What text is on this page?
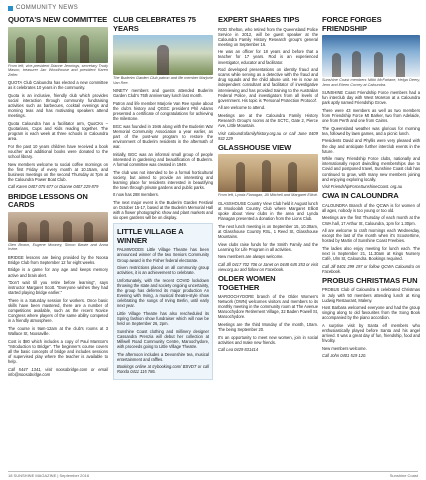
COMMUNITY NEWS
QUOTA'S NEW COMMITTEE

From left, vice-president Dianne Jennings, secretary Trudy Mason, treasurer Jan Woodhouse and president Karen Zeller.

QUOTA Club Caloundra has elected a new committee as it celebrates 10 years in the community.

Quota is an inclusive, friendly club which provides social interaction through community fundraising activities such as barbecues, cocktail evenings and morning teas and has motivating speakers attend meetings.

Quota Caloundra has a facilitator arm, QuoCKs – Quotarians, Cups and Kids reading together. The program is each week at three schools in Caloundra area.

For the past 10 years children have received a book voucher and additional books were donated to the school library.

New members welcome to social coffee mornings on the first Friday of every month at 10.15am, and business meetings on the second Thursday at 7pm at the Caloundra Power Boat Club.

Call Karen 0407 075 677 or Dianne 0407 229 879

BRIDGE LESSONS ON CARDS

Glen Brown, Eugene Mooney, Simon Bawie and Anna Irvine.

BRIDGE lessons are being provided by the Noosa Bridge Club from September 12 for eight weeks.

Bridge is a game for any age and keeps memory active and brain alert.

"Don't wait till you retire before learning", says instructor Margaret Scott. "Everyone wishes they had started playing bridge earlier."

There is a Saturday session for workers. Once basic skills have been mastered, there are a number of competitions available, such as the recent Novice Congress where players of the same ability competed in a friendly atmosphere.

The course is 9am-12am at the club's rooms at 3 Wallace St, Noosaville.

Cost is $80 which includes a copy of Paul Marston's "Introduction to Bridge". The beginner's course covers all the basic concepts of bridge and includes sessions of supervised play where the teacher is available to help.

Call 5447 1341, visit noosabridge.com or email info@noosabridge.com

CLUB CELEBRATES 75 YEARS

The Buderim Garden Club patron and life member Marjorie Van Ree.

NINETY members and guests attended Buderim Garden Club's 75th anniversary lunch last month.

Patron and life member Marjorie Van Ree spoke about the club's history and QGSC president Phil Adams presented a certificate of congratulations for achieving the milestone.

BGC was founded in 1946 along with the Buderim War Memorial Community Association a year earlier, as part of the post-war program to restore the environment of Buderim residents in the aftermath of war.

Initially, BGC was an informal small group of people interested in gardening and beautification of Buderim. A formal committee was created in 1949.

The club was not intended to be a formal horticultural society, but aimed to provide an interesting and learning place for residents interested in beautifying the town through private gardens and public parks.

It now has 288 members.

The next major event is the Buderim Garden Festival on October 15-17, based at the Buderim Memorial Hall with a flower photographic show and plant markets and six open gardens will be on display.

LITTLE VILLAGE A WINNER

PALMWOODS Little Village Theatre has been announced winner of the two Seniors Community Group award in the Fisher federal electorate.

Given restrictions placed on all community group activities, it is an achievement to celebrate.

Unfortunately, with the recent COVID lockdown throwing the state and society ongoing uncertainty, the group has deferred its major production An Evening with Irving, a musical theatre-style show celebrating the songs of Irving Berlin, until early next year.

Little Village Theatre has also rescheduled its Spring fashion show fundraiser which will now be held on September 26, 2pm.

Sunshine Coast clothing and millinery designer Cassandra Prenzia will debut her collection at Millwell Road Community Centre, Maroochydore, with proceeds going to Little Village Theatre.

The afternoon includes a Devonshire tea, musical entertainment and raffles.

Bookings online at trybooking.com/ BSVDT or call Ronda 0411 115 786.

EXPERT SHARES TIPS

ROD Shelton, who retired from the Queensland Police Service in 2012, will be guest speaker at the Caloundra Family History Research group's general meeting on September 16.

He was an officer for 18 years and before that a teacher for 17 years. Rod is an experienced investigator, educator and facilitator.

Rod developed presentations on identity fraud and scams while serving as a detective with the fraud and drug squads and the child abuse unit. He is now an independent consultant and facilitator of investigative interviewing and has provided training to the Australian Federal Police, and investigators from all levels of government. His topic is 'Personal Protection Protocol'.

All are welcome to attend.

Meetings are at the Caloundra Family History Research Group's rooms at the SCTC, Gate 2, Pierce Ave, Little Mountain.

Visit caloundrafamilyhistory.org.au or call June 0409 932 229

GLASSHOUSE VIEW

From left, Lynda Flanagan, Jill Mitchell and Margaret Elliott.

GLASSHOUSE Country View Club held it August lunch at Mooloolah Country Club where Margaret Elliott spoke about View clubs in the area and Lynda Flanagan presented a donation from the Lions Club.

The next lunch meeting is on September 15, 10.30am, at Glasshouse Country RSL, 1 Reed St, Glasshouse Mountains.

View clubs raise funds for the Smith Family and the Learning for Life Program in all activities.

New members are always welcome.

Call Jill 0417 702 706 or Janet on 0448 645 353 or visit view.org.au and follow on Facebook.

OLDER WOMEN TOGETHER

MAROOCHYDORE branch of the Older Women's Network (OWN) welcomes visitors and members to its monthly meeting in the community room at The Avenue Maroochydore Retirement Village, 32 Baden Powell St, Maroochydore.

Meetings are the third Monday of the month, 10am. The being September 20.

It's an opportunity to meet new women, join in social activities and make new friends.

Call Lea 0429 831414

FORCE FORGES FRIENDSHIP

Sunshine Coast members Nikki McFarlane, Helga Deery, Jenn and Eileen Cocrey at Caloundra.

SUNSHINE Coast Friendship Force members had a fun interclub day with West Moreton at a Caloundra park aptly named Friendship Grove.

There were 43 members as well as two members from Friendship Force Mt Barker, two from Adelaide, one from Perth and one from Cairns.

The Queensland weather was glorious for morning tea, followed by lawn games, and a picnic lunch.

Presidents David and Phyllis were very pleased with the day and anticipate further interclub events in the future.

While many Friendship Force clubs, nationally and internationally report dwindling memberships due to Covid and postponed travel, Sunshine Coast club has continued to grow, with many new members joining and enjoying exploring locally.

Visit FriendshipForceSunshineCoast. org.au

CWA IN CALOUNDRA

CALOUNDRA Branch of the QCWA is for women of all ages, nobody is too young or too old.

Meetings are the first Thursday of each month at the CWA hall, 17 Arthur St, Caloundra, 1pm for 1.30pm.

All are welcome to craft mornings each Wednesday, except the last of the month when it's Scootertime, hosted by Martin of Sunshine Coast Freebies.

The ladies also enjoy meeting for lunch each. The next is September 21, 11.30am at Kings Nursery Café, Ulm St, Caloundra. Bookings required.

Call Jill 0401 299 197 or follow QCWA Caloundra on Facebook.

PROBUS CHRISTMAS FUN

PROBUS Club of Caloundra 6 celebrated Christmas in July with 50 members attending lunch at King Ludwig Restaurant, Maleny.

Host Barbara welcomed everyone and had the group singing along to old favourites from the Song Book accompanied by the piano accordion.

A surprise visit by Santa elf members who enthusiastically played before Santa and his angel arrived. It was a great day of fun, friendship, food and frivolity.

New members welcome.

Call John 0401 519 120.

18 SUNSHINE MAGAZINE | September 2016	Sunshine Coast
